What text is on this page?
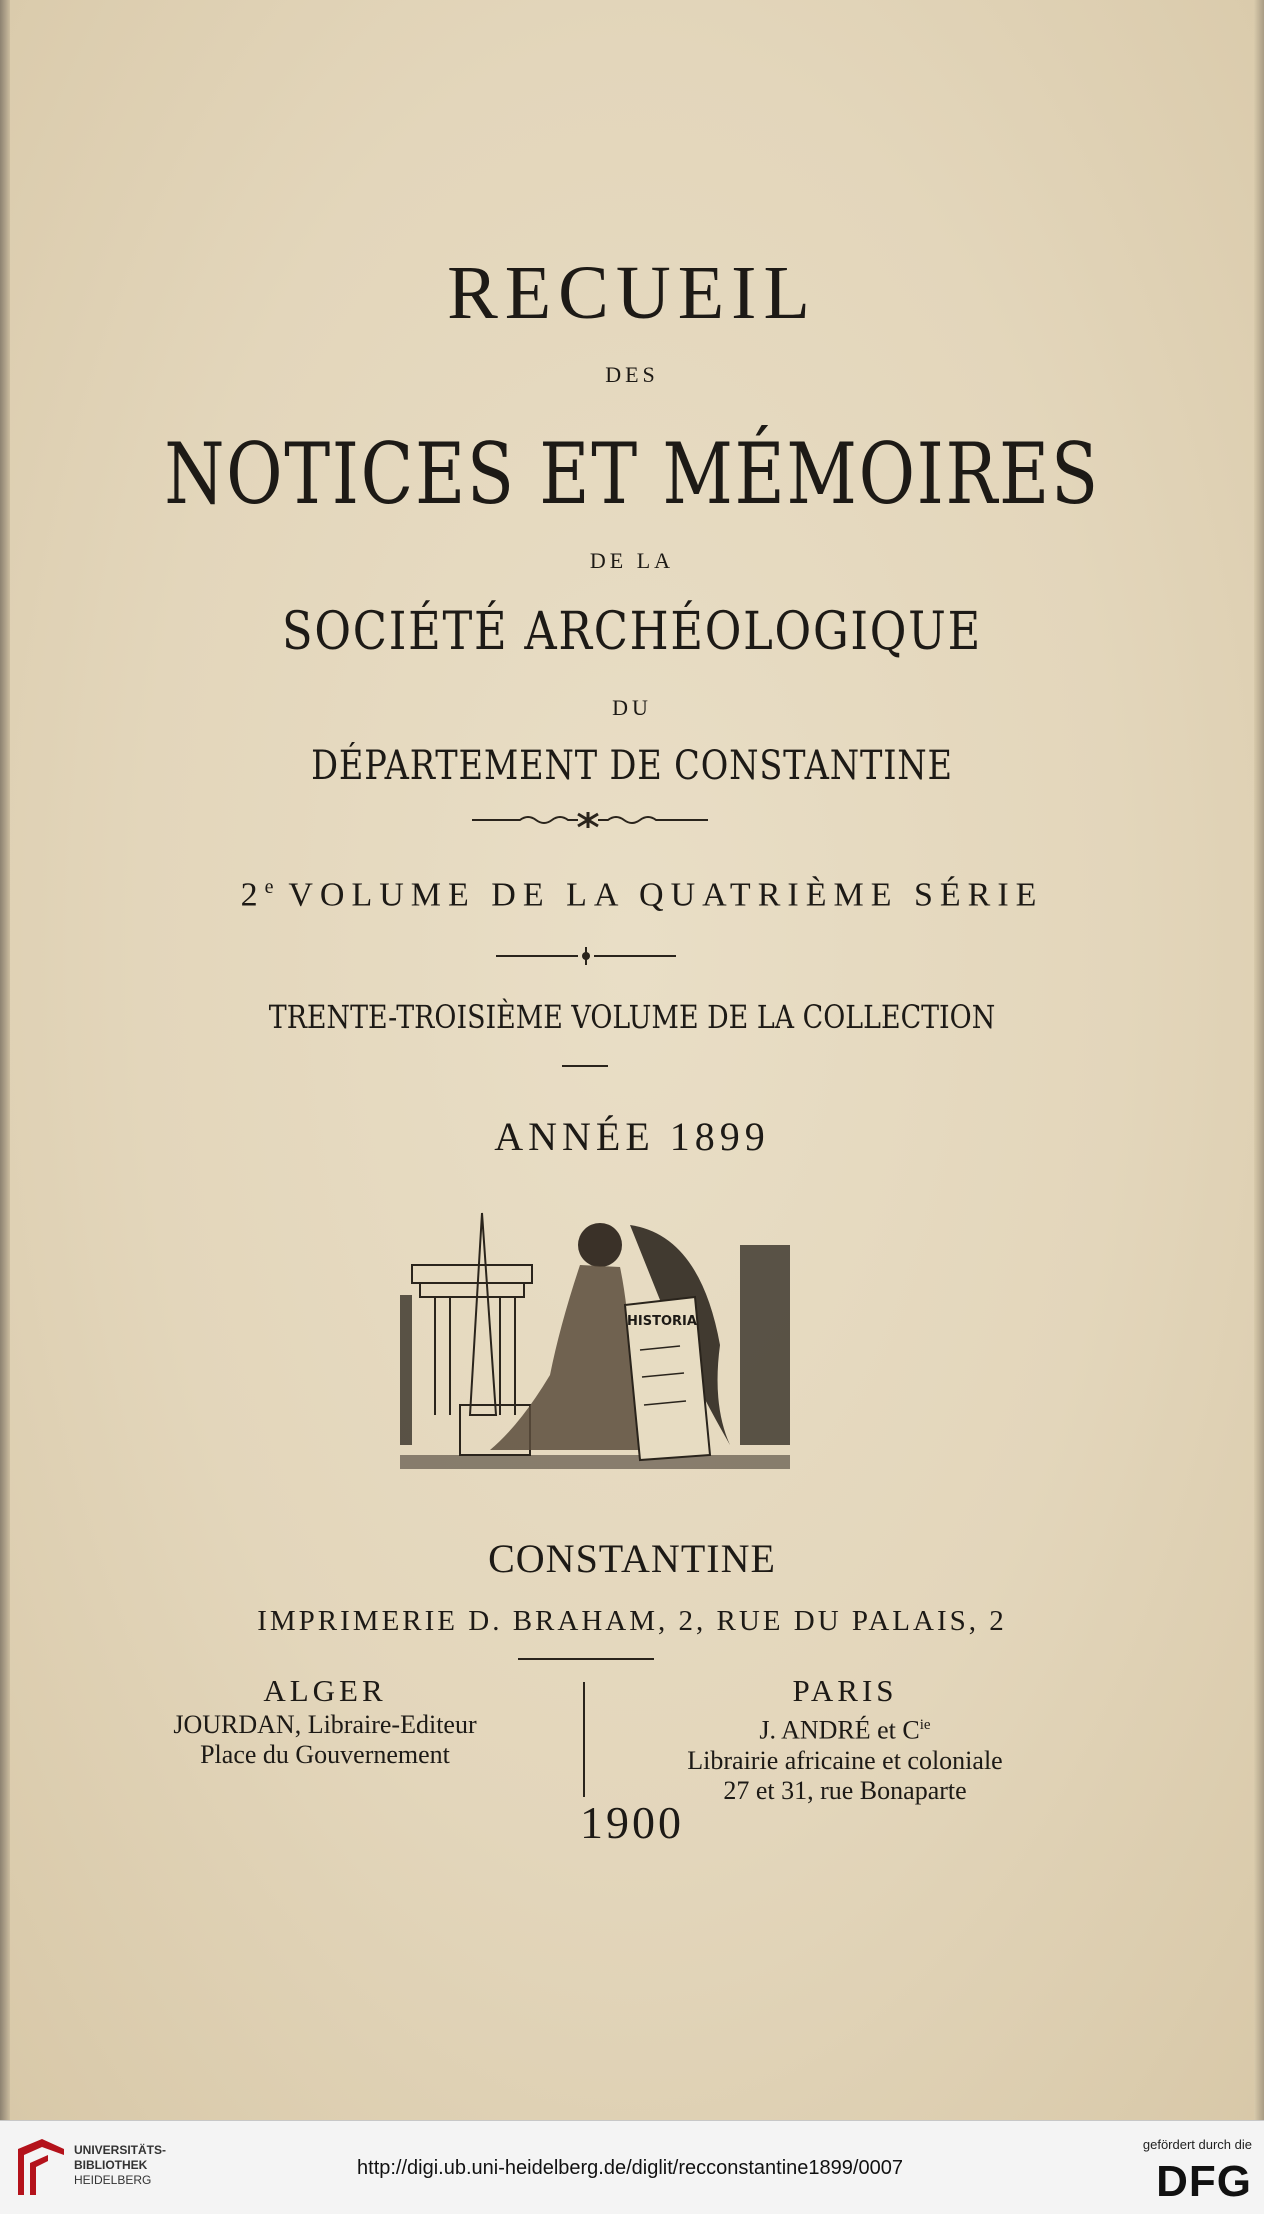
RECUEIL
DES
NOTICES ET MÉMOIRES
DE LA
SOCIÉTÉ ARCHÉOLOGIQUE
DU
DÉPARTEMENT DE CONSTANTINE
2e VOLUME DE LA QUATRIÈME SÉRIE
TRENTE-TROISIÈME VOLUME DE LA COLLECTION
ANNÉE 1899
HISTORIA
CONSTANTINE
IMPRIMERIE D. BRAHAM, 2, RUE DU PALAIS, 2
ALGER
JOURDAN, Libraire-Editeur
Place du Gouvernement
PARIS
J. ANDRÉ et $C^{ie}$
Librairie africaine et coloniale
27 et 31, rue Bonaparte
1900
UNIVERSITÄTS-
BIBLIOTHEK
HEIDELBERG
http://digi.ub.uni-heidelberg.de/diglit/recconstantine1899/0007
gefördert durch die
DFG
